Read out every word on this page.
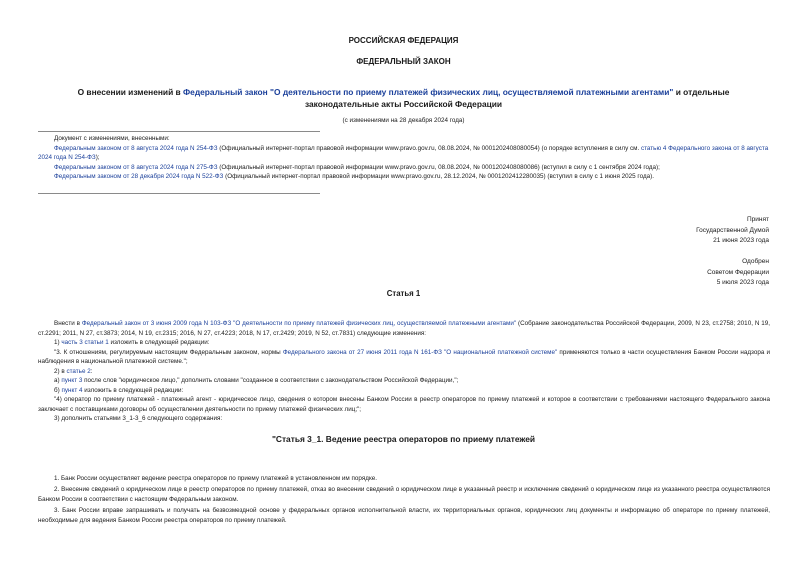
РОССИЙСКАЯ ФЕДЕРАЦИЯ
ФЕДЕРАЛЬНЫЙ ЗАКОН
О внесении изменений в Федеральный закон "О деятельности по приему платежей физических лиц, осуществляемой платежными агентами" и отдельные
законодательные акты Российской Федерации
(с изменениями на 28 декабря 2024 года)

Документ с изменениями, внесенными:

Федеральным законом от 8 августа 2024 года N 254-ФЗ (Официальный интернет-портал правовой информации www.pravo.gov.ru, 08.08.2024, № 0001202408080054) (о порядке вступления в силу см. статью 4 Федерального закона от 8 августа 2024 года N 254-ФЗ);

Федеральным законом от 8 августа 2024 года N 275-ФЗ (Официальный интернет-портал правовой информации www.pravo.gov.ru, 08.08.2024, № 0001202408080086) (вступил в силу с 1 сентября 2024 года);

Федеральным законом от 28 декабря 2024 года N 522-ФЗ (Официальный интернет-портал правовой информации www.pravo.gov.ru, 28.12.2024, № 0001202412280035) (вступил в силу с 1 июня 2025 года).

Принят
Государственной Думой
21 июня 2023 года
Одобрен
Советом Федерации
5 июля 2023 года
Статья 1

Внести в Федеральный закон от 3 июня 2009 года N 103-ФЗ "О деятельности по приему платежей физических лиц, осуществляемой платежными агентами" (Собрание законодательства Российской Федерации, 2009, N 23, ст.2758; 2010, N 19, ст.2291; 2011, N 27, ст.3873; 2014, N 19, ст.2315; 2016, N 27, ст.4223; 2018, N 17, ст.2429; 2019, N 52, ст.7831) следующие изменения:

1) часть 3 статьи 1 изложить в следующей редакции:

"3. К отношениям, регулируемым настоящим Федеральным законом, нормы Федерального закона от 27 июня 2011 года N 161-ФЗ "О национальной платежной системе" применяются только в части осуществления Банком России надзора и наблюдения в национальной платежной системе.";

2) в статье 2:

а) пункт 3 после слов "юридическое лицо," дополнить словами "созданное в соответствии с законодательством Российской Федерации,";

б) пункт 4 изложить в следующей редакции:

"4) оператор по приему платежей - платежный агент - юридическое лицо, сведения о котором внесены Банком России в реестр операторов по приему платежей и которое в соответствии с требованиями настоящего Федерального закона заключает с поставщиками договоры об осуществлении деятельности по приему платежей физических лиц;";

3) дополнить статьями 3_1-3_6 следующего содержания:

"Статья 3_1. Ведение реестра операторов по приему платежей

1. Банк России осуществляет ведение реестра операторов по приему платежей в установленном им порядке.

2. Внесение сведений о юридическом лице в реестр операторов по приему платежей, отказ во внесении сведений о юридическом лице в указанный реестр и исключение сведений о юридическом лице из указанного реестра осуществляются Банком России в соответствии с настоящим Федеральным законом.

3. Банк России вправе запрашивать и получать на безвозмездной основе у федеральных органов исполнительной власти, их территориальных органов, юридических лиц документы и информацию об операторе по приему платежей, необходимые для ведения Банком России реестра операторов по приему платежей.
